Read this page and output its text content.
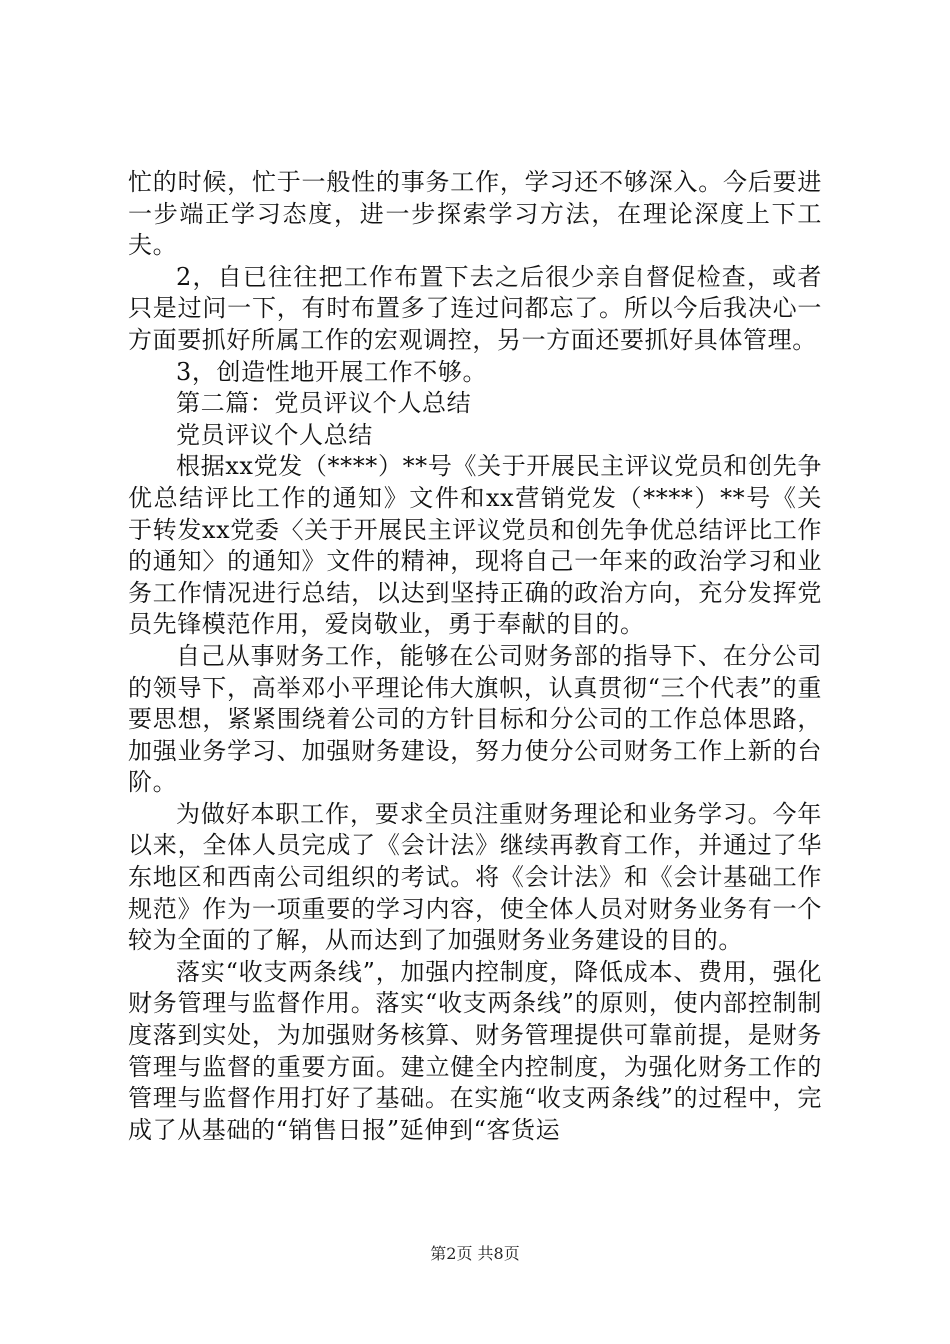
忙的时候，忙于一般性的事务工作，学习还不够深入。今后要进一步端正学习态度，进一步探索学习方法，在理论深度上下工夫。

2，自已往往把工作布置下去之后很少亲自督促检查，或者只是过问一下，有时布置多了连过问都忘了。所以今后我决心一方面要抓好所属工作的宏观调控，另一方面还要抓好具体管理。

3，创造性地开展工作不够。

第二篇：党员评议个人总结

党员评议个人总结

根据xx党发（****）**号《关于开展民主评议党员和创先争优总结评比工作的通知》文件和xx营销党发（****）**号《关于转发xx党委〈关于开展民主评议党员和创先争优总结评比工作的通知〉的通知》文件的精神，现将自己一年来的政治学习和业务工作情况进行总结，以达到坚持正确的政治方向，充分发挥党员先锋模范作用，爱岗敬业，勇于奉献的目的。

自己从事财务工作，能够在公司财务部的指导下、在分公司的领导下，高举邓小平理论伟大旗帜，认真贯彻“三个代表”的重要思想，紧紧围绕着公司的方针目标和分公司的工作总体思路，加强业务学习、加强财务建设，努力使分公司财务工作上新的台阶。

为做好本职工作，要求全员注重财务理论和业务学习。今年以来，全体人员完成了《会计法》继续再教育工作，并通过了华东地区和西南公司组织的考试。将《会计法》和《会计基础工作规范》作为一项重要的学习内容，使全体人员对财务业务有一个较为全面的了解，从而达到了加强财务业务建设的目的。

落实“收支两条线”，加强内控制度，降低成本、费用，强化财务管理与监督作用。落实“收支两条线”的原则，使内部控制制度落到实处，为加强财务核算、财务管理提供可靠前提，是财务管理与监督的重要方面。建立健全内控制度，为强化财务工作的管理与监督作用打好了基础。在实施“收支两条线”的过程中，完成了从基础的“销售日报”延伸到“客货运

第2页 共8页
